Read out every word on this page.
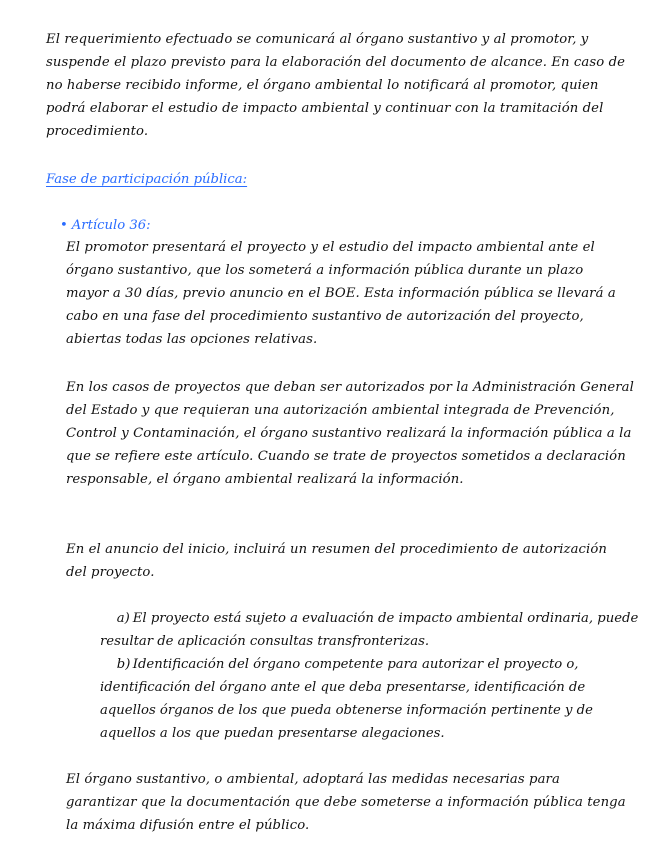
El requerimiento efectuado se comunicará al órgano sustantivo y al promotor, y suspende el plazo previsto para la elaboración del documento de alcance. En caso de no haberse recibido informe, el órgano ambiental lo notificará al promotor, quien podrá elaborar el estudio de impacto ambiental y continuar con la tramitación del procedimiento.
Fase de participación pública:
• Artículo 36:
El promotor presentará el proyecto y el estudio del impacto ambiental ante el órgano sustantivo, que los someterá a información pública durante un plazo mayor a 30 días, previo anuncio en el BOE. Esta información pública se llevará a cabo en una fase del procedimiento sustantivo de autorización del proyecto, abiertas todas las opciones relativas.
En los casos de proyectos que deban ser autorizados por la Administración General del Estado y que requieran una autorización ambiental integrada de Prevención, Control y Contaminación, el órgano sustantivo realizará la información pública a la que se refiere este artículo. Cuando se trate de proyectos sometidos a declaración responsable, el órgano ambiental realizará la información.
En el anuncio del inicio, incluirá un resumen del procedimiento de autorización del proyecto.

a) El proyecto está sujeto a evaluación de impacto ambiental ordinaria, puede resultar de aplicación consultas transfronterizas.

b) Identificación del órgano competente para autorizar el proyecto o, identificación del órgano ante el que deba presentarse, identificación de aquellos órganos de los que pueda obtenerse información pertinente y de aquellos a los que puedan presentarse alegaciones.

El órgano sustantivo, o ambiental, adoptará las medidas necesarias para garantizar que la documentación que debe someterse a información pública tenga la máxima difusión entre el público.
